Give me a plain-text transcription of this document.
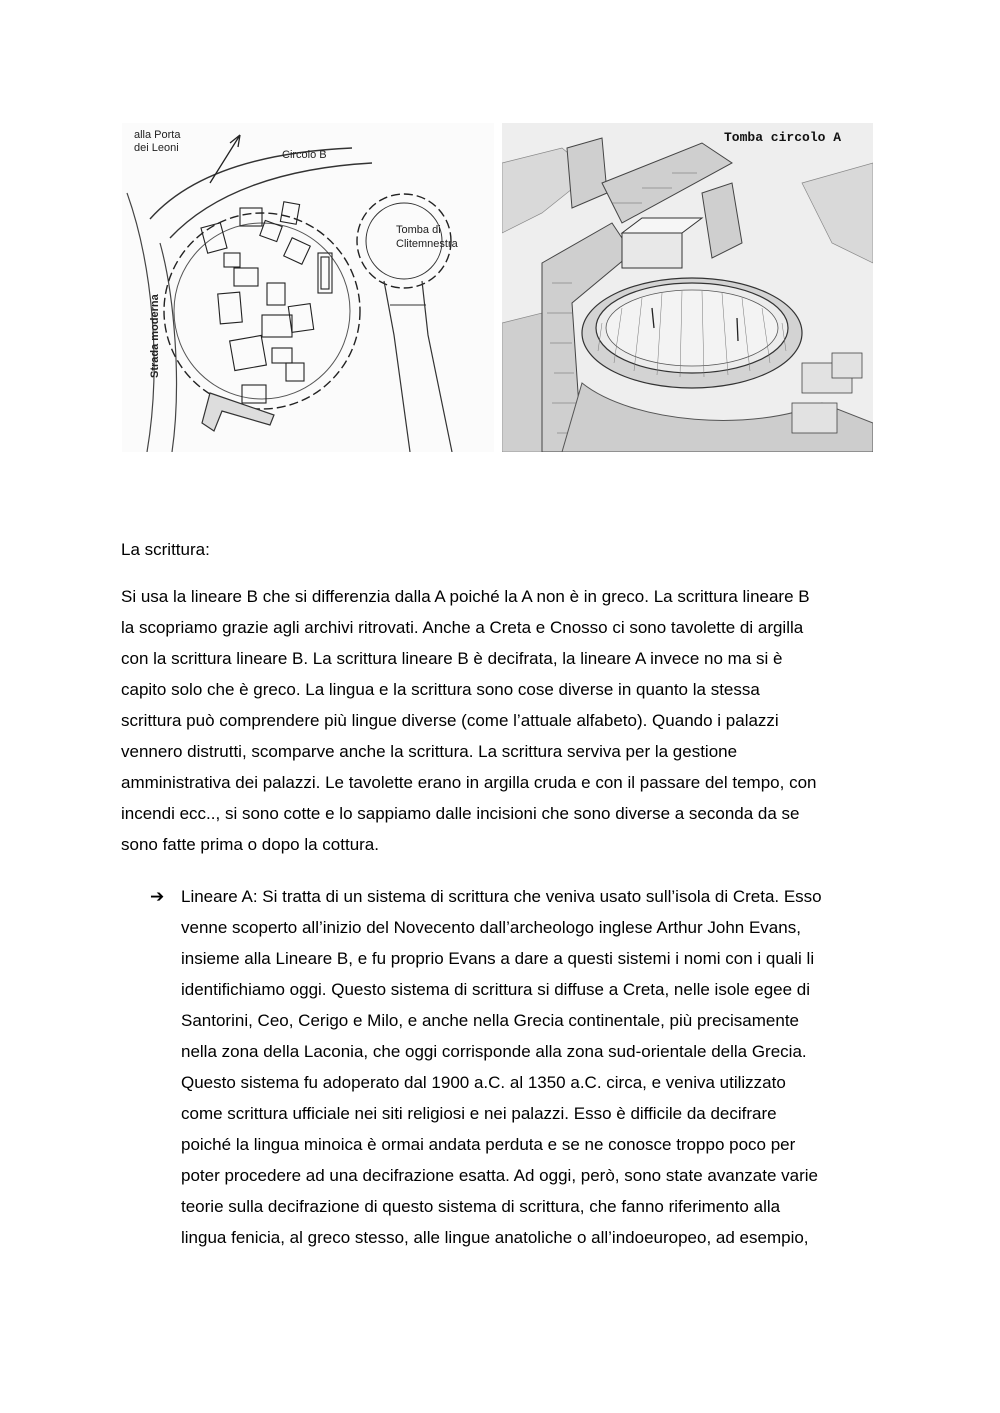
alla Porta
dei Leoni
Circolo B
Tomba di
Clitemnestra
Strada moderna
Tomba circolo A
La scrittura:

Si usa la lineare B che si differenzia dalla A poiché la A non è in greco. La scrittura lineare B
la scopriamo grazie agli archivi ritrovati. Anche a Creta e Cnosso ci sono tavolette di argilla
con la scrittura lineare B. La scrittura lineare B è decifrata, la lineare A invece no ma si è
capito solo che è greco. La lingua e la scrittura sono cose diverse in quanto la stessa
scrittura può comprendere più lingue diverse (come l’attuale alfabeto). Quando i palazzi
vennero distrutti, scomparve anche la scrittura. La scrittura serviva per la gestione
amministrativa dei palazzi. Le tavolette erano in argilla cruda e con il passare del tempo, con
incendi ecc.., si sono cotte e lo sappiamo dalle incisioni che sono diverse a seconda da se
sono fatte prima o dopo la cottura.

➔ Lineare A: Si tratta di un sistema di scrittura che veniva usato sull’isola di Creta. Esso
venne scoperto all’inizio del Novecento dall’archeologo inglese Arthur John Evans,
insieme alla Lineare B, e fu proprio Evans a dare a questi sistemi i nomi con i quali li
identifichiamo oggi. Questo sistema di scrittura si diffuse a Creta, nelle isole egee di
Santorini, Ceo, Cerigo e Milo, e anche nella Grecia continentale, più precisamente
nella zona della Laconia, che oggi corrisponde alla zona sud-orientale della Grecia.
Questo sistema fu adoperato dal 1900 a.C. al 1350 a.C. circa, e veniva utilizzato
come scrittura ufficiale nei siti religiosi e nei palazzi. Esso è difficile da decifrare
poiché la lingua minoica è ormai andata perduta e se ne conosce troppo poco per
poter procedere ad una decifrazione esatta. Ad oggi, però, sono state avanzate varie
teorie sulla decifrazione di questo sistema di scrittura, che fanno riferimento alla
lingua fenicia, al greco stesso, alle lingue anatoliche o all’indoeuropeo, ad esempio,
